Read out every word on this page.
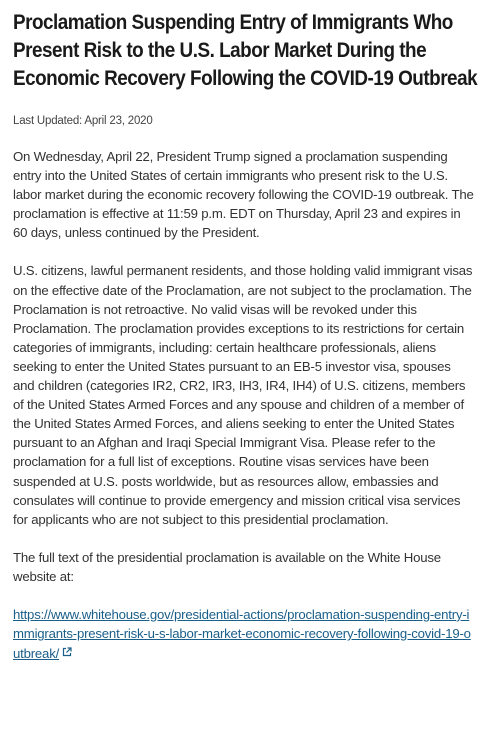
Proclamation Suspending Entry of Immigrants Who Present Risk to the U.S. Labor Market During the Economic Recovery Following the COVID-19 Outbreak

Last Updated: April 23, 2020

On Wednesday, April 22, President Trump signed a proclamation suspending entry into the United States of certain immigrants who present risk to the U.S. labor market during the economic recovery following the COVID-19 outbreak. The proclamation is effective at 11:59 p.m. EDT on Thursday, April 23 and expires in 60 days, unless continued by the President.

U.S. citizens, lawful permanent residents, and those holding valid immigrant visas on the effective date of the Proclamation, are not subject to the proclamation. The Proclamation is not retroactive. No valid visas will be revoked under this Proclamation. The proclamation provides exceptions to its restrictions for certain categories of immigrants, including: certain healthcare professionals, aliens seeking to enter the United States pursuant to an EB-5 investor visa, spouses and children (categories IR2, CR2, IR3, IH3, IR4, IH4) of U.S. citizens, members of the United States Armed Forces and any spouse and children of a member of the United States Armed Forces, and aliens seeking to enter the United States pursuant to an Afghan and Iraqi Special Immigrant Visa. Please refer to the proclamation for a full list of exceptions. Routine visas services have been suspended at U.S. posts worldwide, but as resources allow, embassies and consulates will continue to provide emergency and mission critical visa services for applicants who are not subject to this presidential proclamation.

The full text of the presidential proclamation is available on the White House website at:

https://www.whitehouse.gov/presidential-actions/proclamation-suspending-entry-immigrants-present-risk-u-s-labor-market-economic-recovery-following-covid-19-outbreak/
